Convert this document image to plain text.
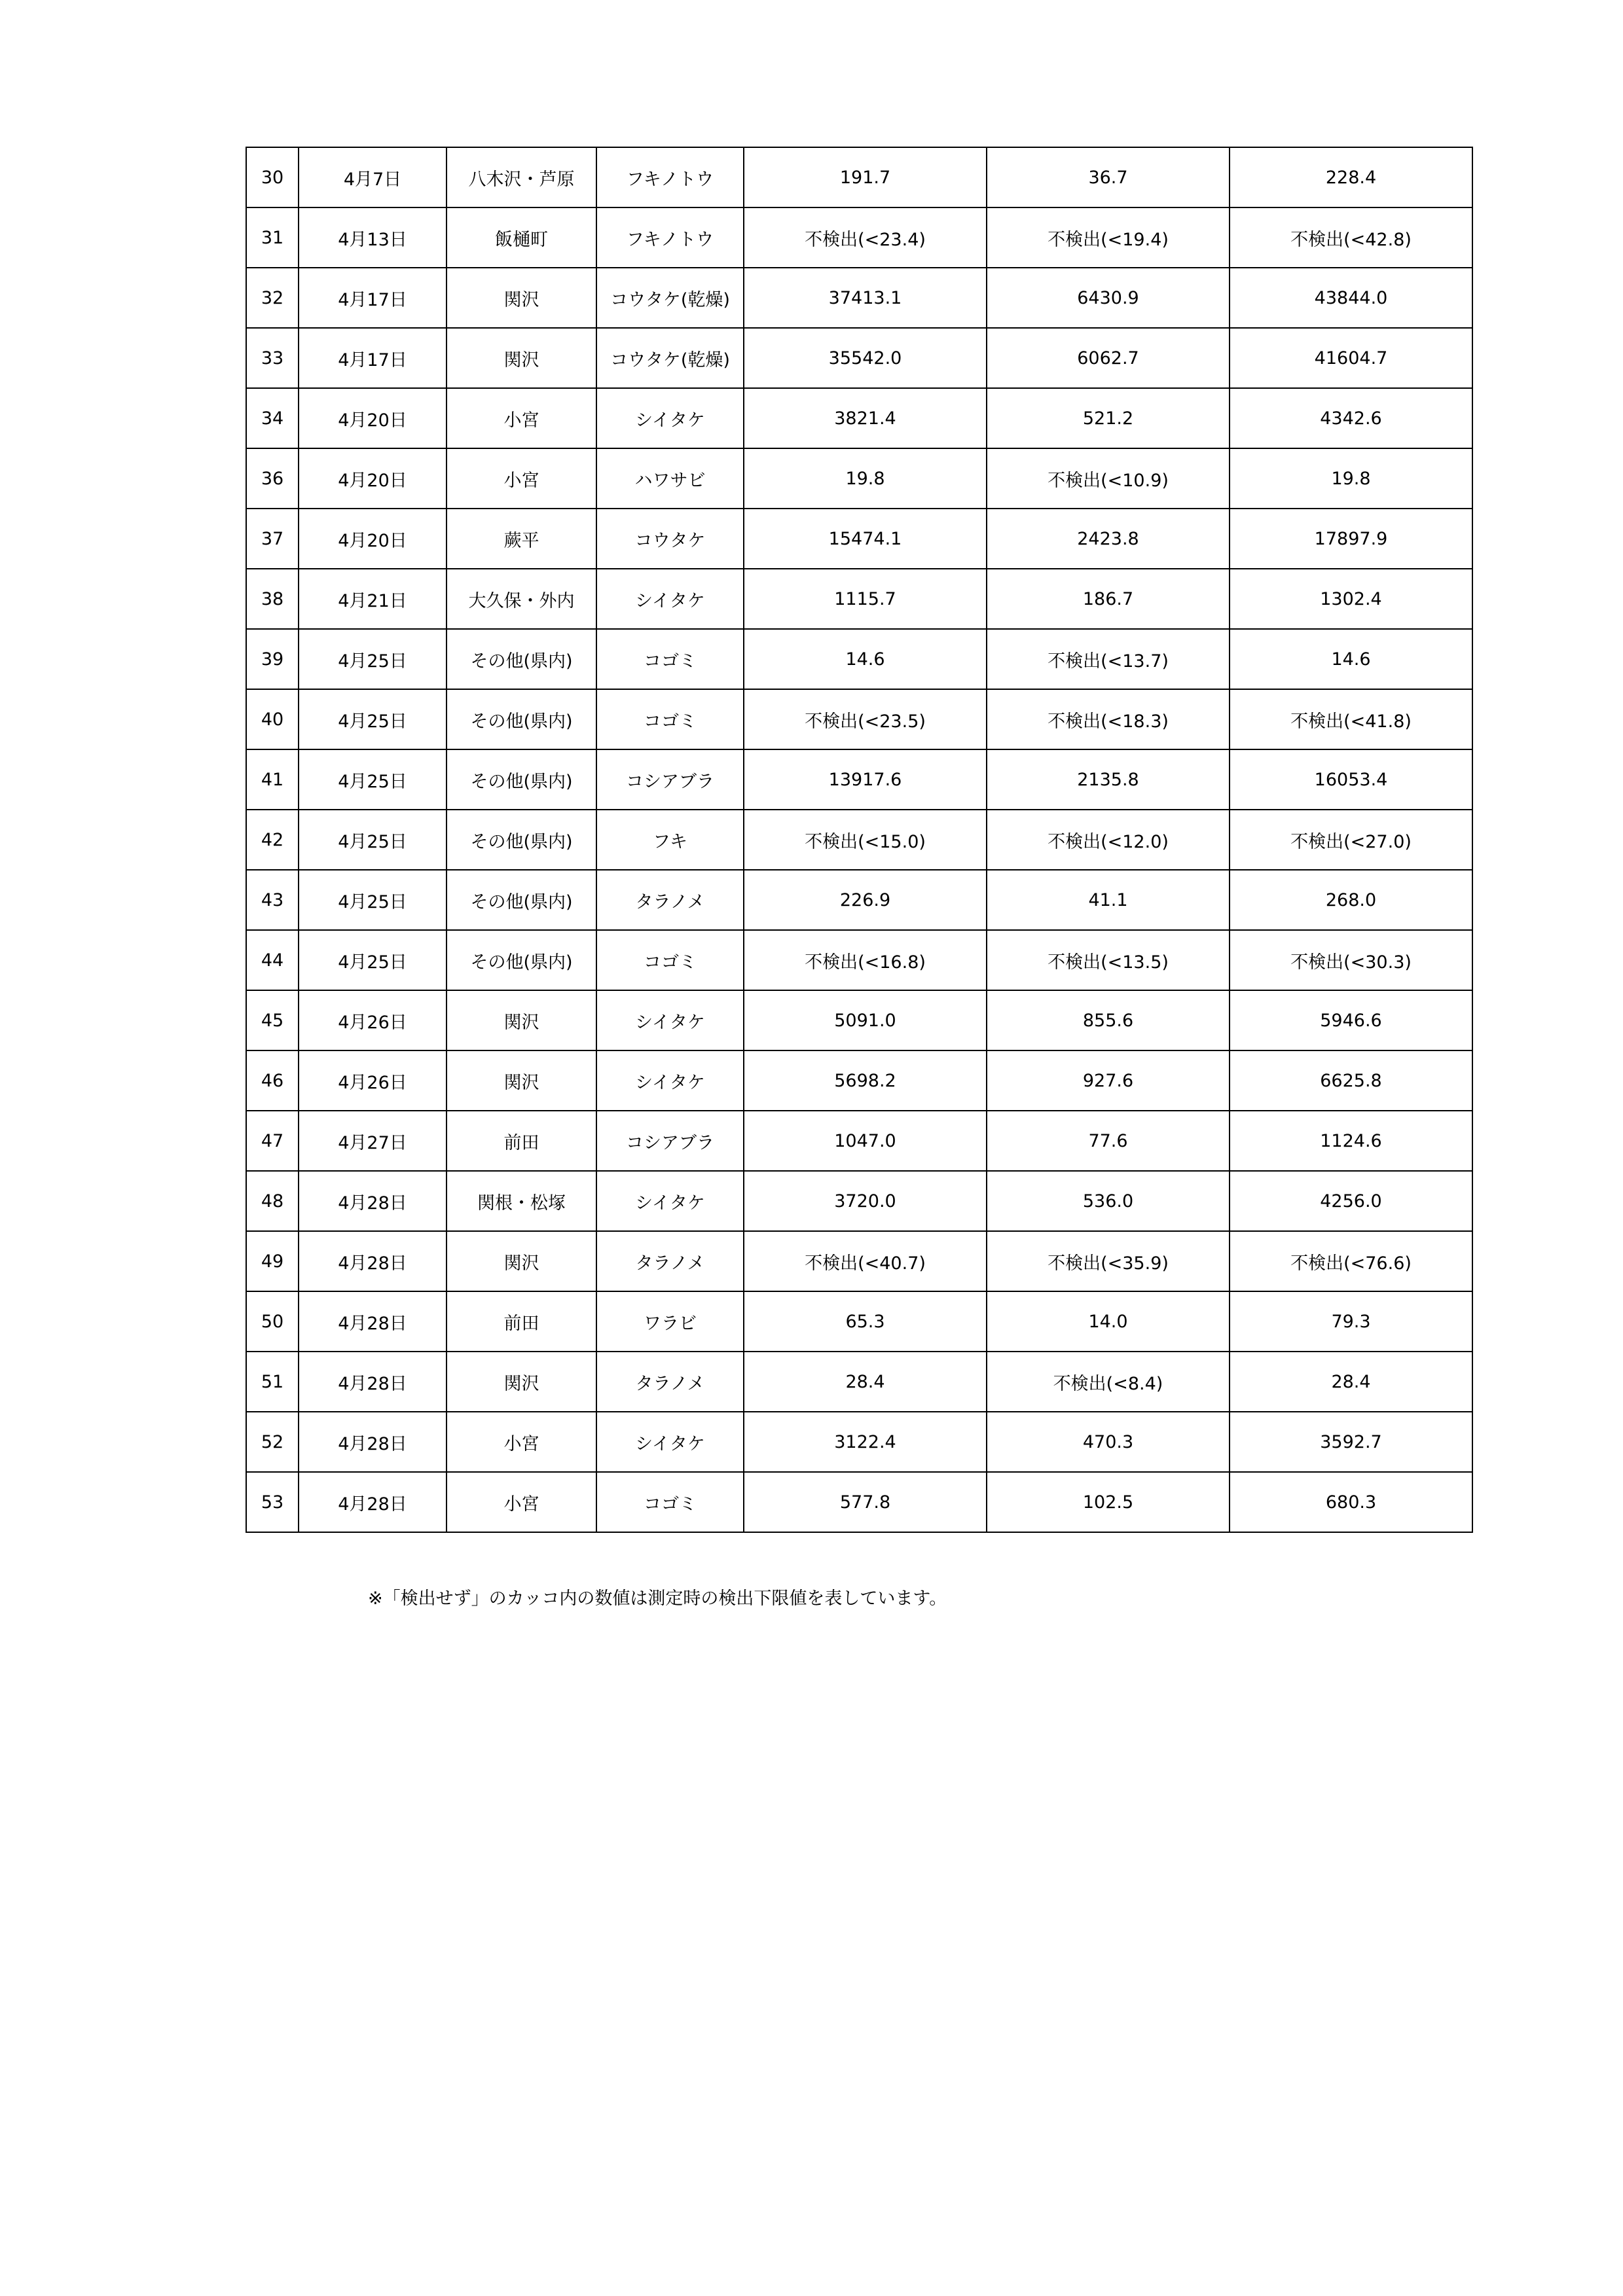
30	4月7日	八木沢・芦原	フキノトウ	191.7	36.7	228.4
31	4月13日	飯樋町	フキノトウ	不検出(<23.4)	不検出(<19.4)	不検出(<42.8)
32	4月17日	関沢	コウタケ(乾燥)	37413.1	6430.9	43844.0
33	4月17日	関沢	コウタケ(乾燥)	35542.0	6062.7	41604.7
34	4月20日	小宮	シイタケ	3821.4	521.2	4342.6
36	4月20日	小宮	ハワサビ	19.8	不検出(<10.9)	19.8
37	4月20日	蕨平	コウタケ	15474.1	2423.8	17897.9
38	4月21日	大久保・外内	シイタケ	1115.7	186.7	1302.4
39	4月25日	その他(県内)	コゴミ	14.6	不検出(<13.7)	14.6
40	4月25日	その他(県内)	コゴミ	不検出(<23.5)	不検出(<18.3)	不検出(<41.8)
41	4月25日	その他(県内)	コシアブラ	13917.6	2135.8	16053.4
42	4月25日	その他(県内)	フキ	不検出(<15.0)	不検出(<12.0)	不検出(<27.0)
43	4月25日	その他(県内)	タラノメ	226.9	41.1	268.0
44	4月25日	その他(県内)	コゴミ	不検出(<16.8)	不検出(<13.5)	不検出(<30.3)
45	4月26日	関沢	シイタケ	5091.0	855.6	5946.6
46	4月26日	関沢	シイタケ	5698.2	927.6	6625.8
47	4月27日	前田	コシアブラ	1047.0	77.6	1124.6
48	4月28日	関根・松塚	シイタケ	3720.0	536.0	4256.0
49	4月28日	関沢	タラノメ	不検出(<40.7)	不検出(<35.9)	不検出(<76.6)
50	4月28日	前田	ワラビ	65.3	14.0	79.3
51	4月28日	関沢	タラノメ	28.4	不検出(<8.4)	28.4
52	4月28日	小宮	シイタケ	3122.4	470.3	3592.7
53	4月28日	小宮	コゴミ	577.8	102.5	680.3
※「検出せず」のカッコ内の数値は測定時の検出下限値を表しています。
